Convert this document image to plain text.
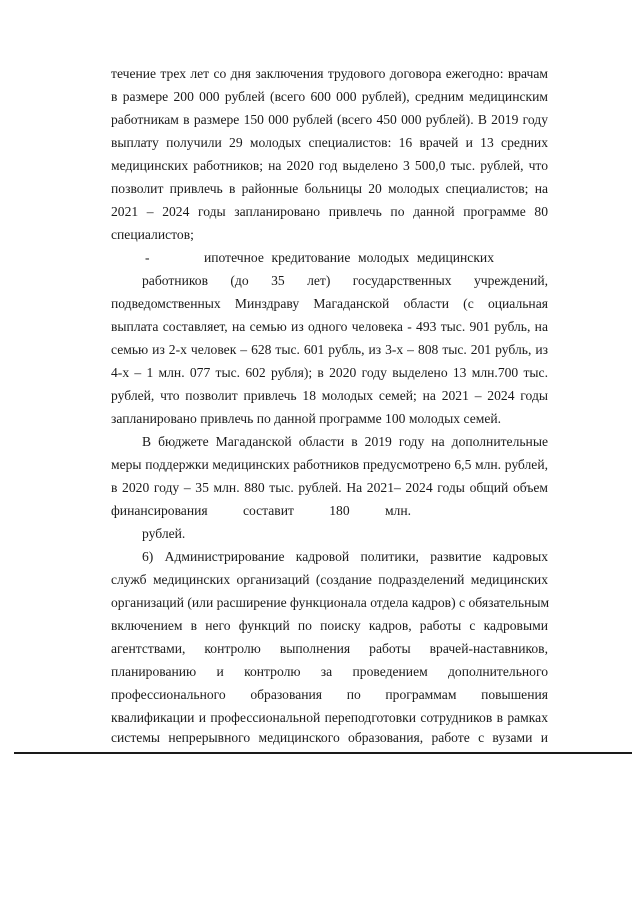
течение трех лет со дня заключения трудового договора ежегодно: врачам
в размере 200 000 рублей (всего 600 000 рублей), средним медицинским
работникам в размере 150 000 рублей (всего 450 000 рублей). В 2019 году
выплату получили 29 молодых специалистов: 16 врачей и 13 средних
медицинских работников; на 2020 год выделено 3 500,0 тыс. рублей, что
позволит привлечь в районные больницы 20 молодых специалистов; на
2021 – 2024 годы запланировано привлечь по данной программе 80
специалистов;
-	ипотечное кредитование молодых медицинских
работников (до 35 лет) государственных учреждений,
подведомственных Минздраву Магаданской области (с оциальная
выплата составляет, на семью из одного человека - 493 тыс. 901 рубль, на
семью из 2-х человек – 628 тыс. 601 рубль, из 3-х – 808 тыс. 201 рубль, из
4-х – 1 млн. 077 тыс. 602 рубля); в 2020 году выделено 13 млн.700 тыс.
рублей, что позволит привлечь 18 молодых семей; на 2021 – 2024 годы
запланировано привлечь по данной программе 100 молодых семей.
В бюджете Магаданской области в 2019 году на дополнительные
меры поддержки медицинских работников предусмотрено 6,5 млн. рублей,
в 2020 году – 35 млн. 880 тыс. рублей. На 2021– 2024 годы общий объем
финансирования составит 180 млн.
рублей.
6) Администрирование кадровой политики, развитие кадровых
служб медицинских организаций (создание подразделений медицинских
организаций (или расширение функционала отдела кадров) с обязательным
включением в него функций по поиску кадров, работы с кадровыми
агентствами, контролю выполнения работы врачей-наставников,
планированию и контролю за проведением дополнительного
профессионального образования по программам повышения
квалификации и профессиональной переподготовки сотрудников в рамках
системы непрерывного медицинского образования, работе с вузами и
